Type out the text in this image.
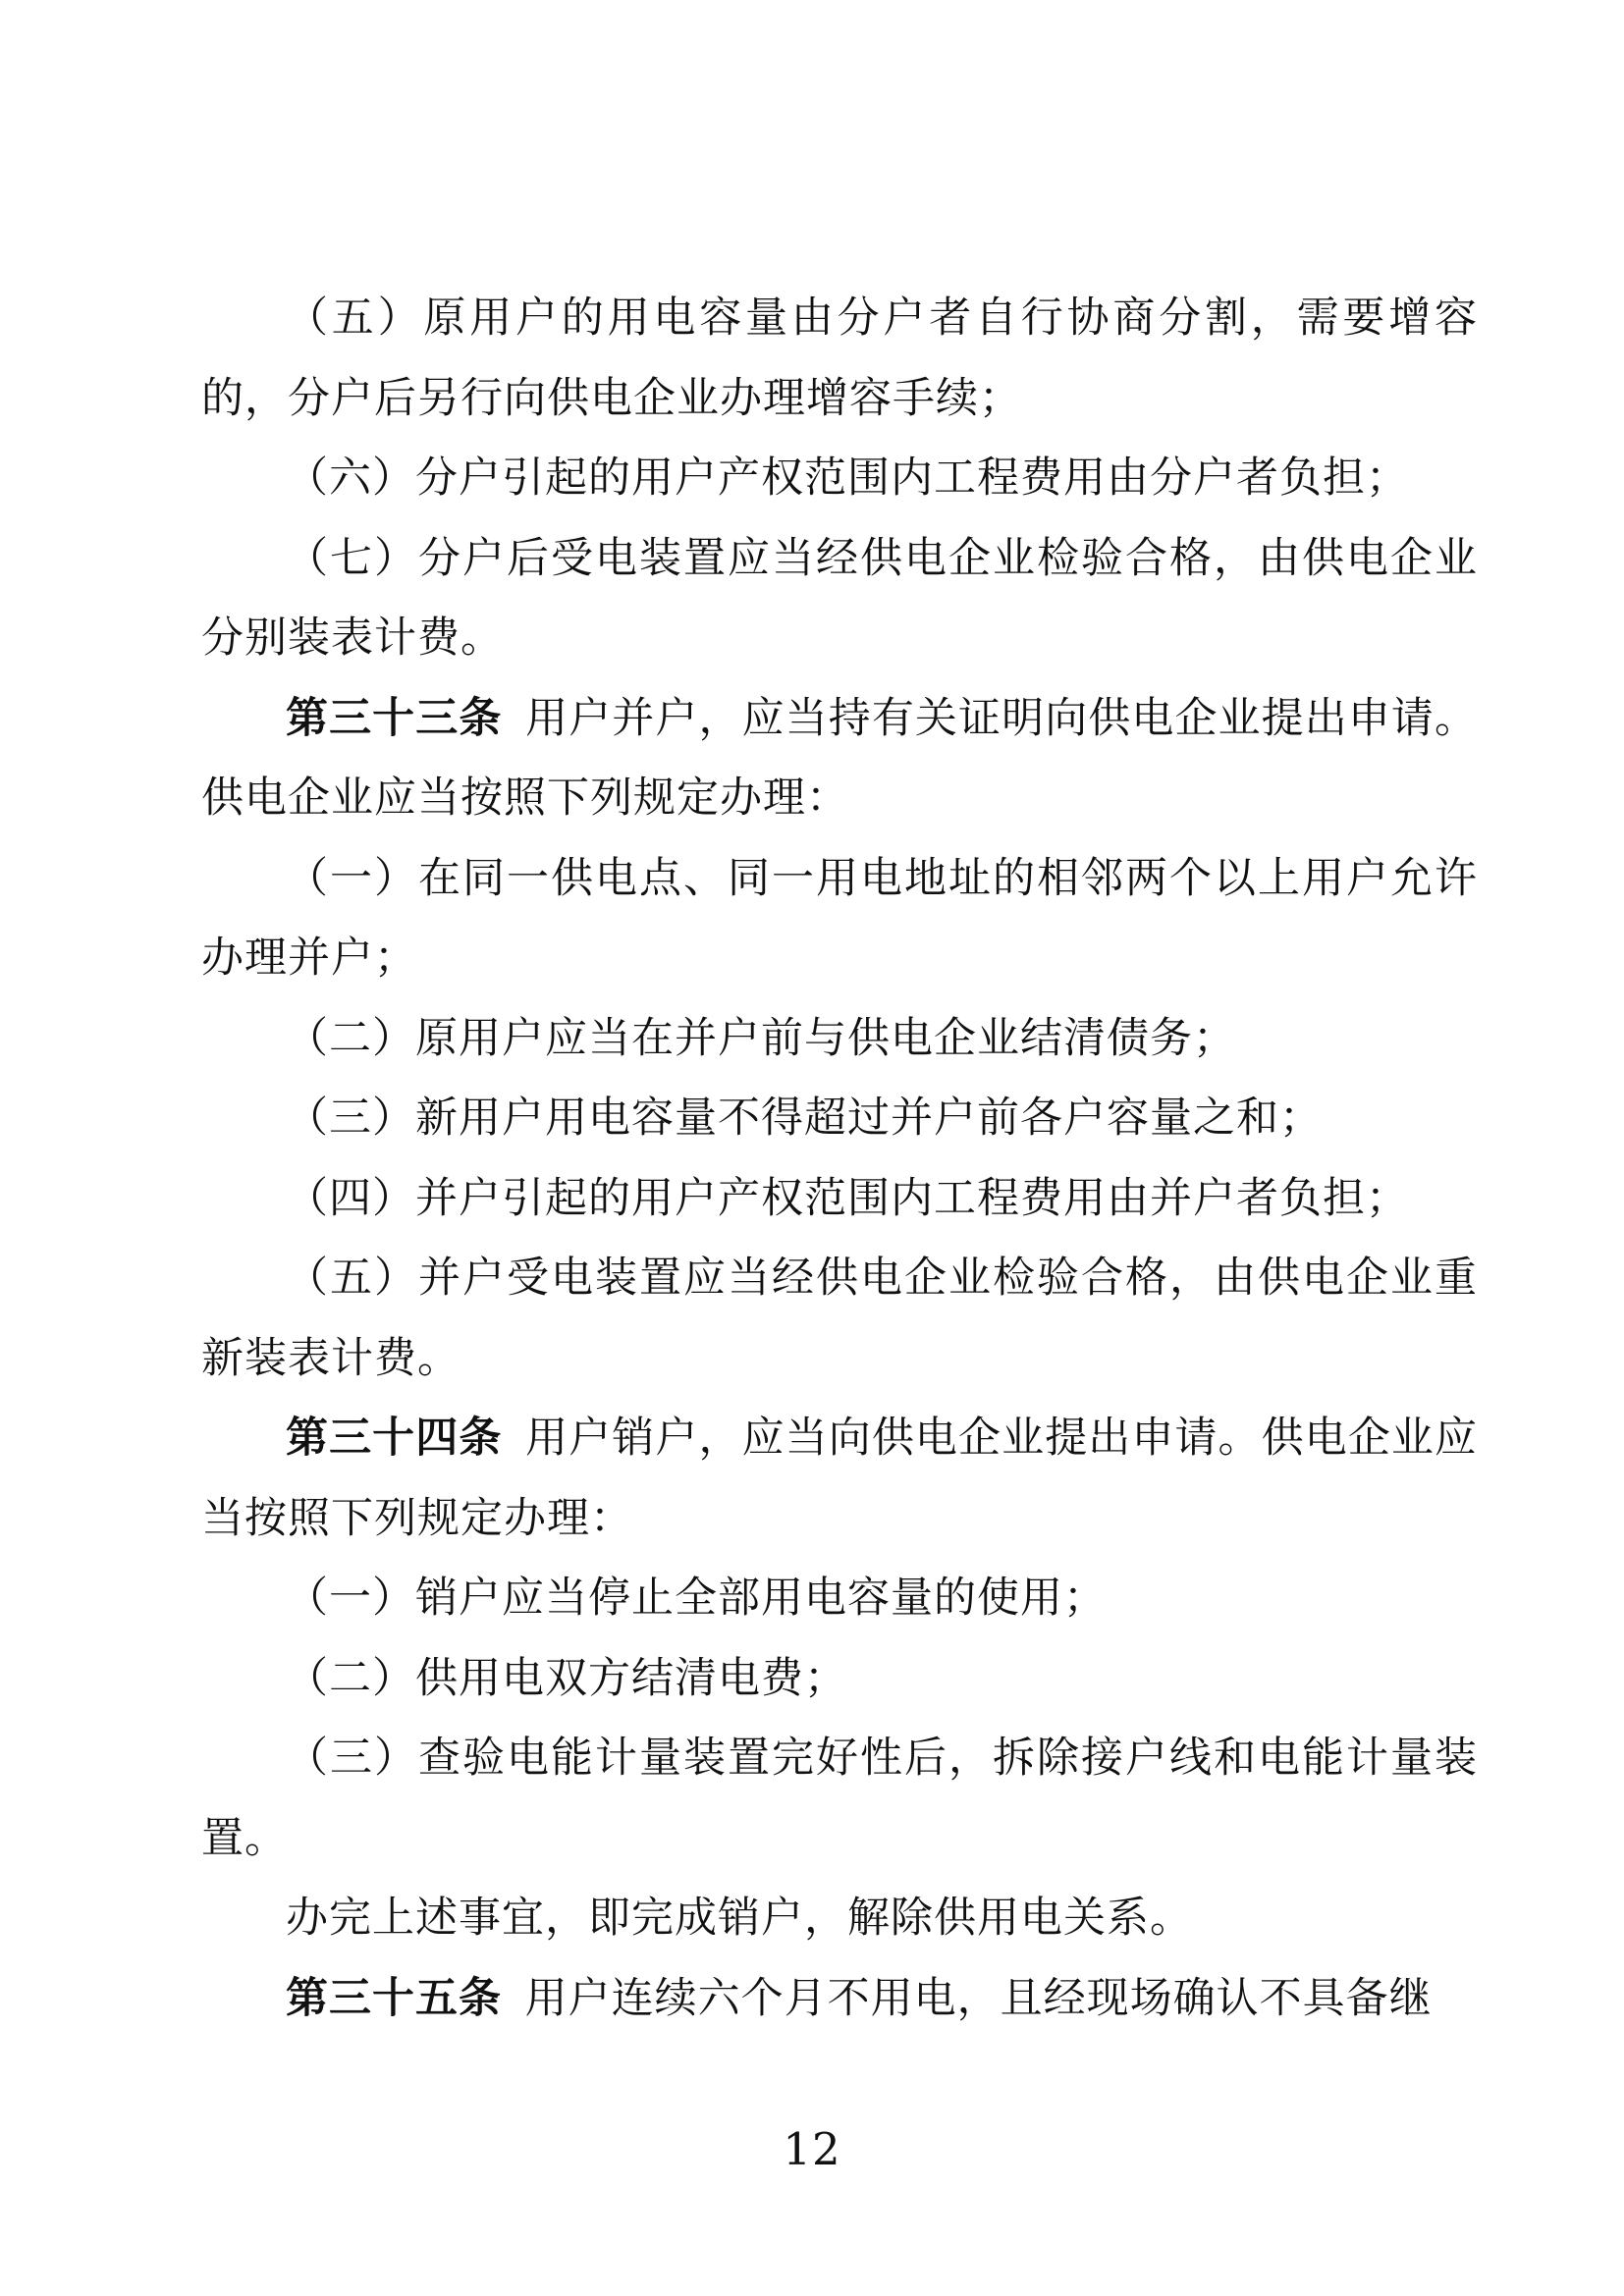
（五）原用户的用电容量由分户者自行协商分割，需要增容的，分户后另行向供电企业办理增容手续；

（六）分户引起的用户产权范围内工程费用由分户者负担；

（七）分户后受电装置应当经供电企业检验合格，由供电企业分别装表计费。

第三十三条 用户并户，应当持有关证明向供电企业提出申请。供电企业应当按照下列规定办理：

（一）在同一供电点、同一用电地址的相邻两个以上用户允许办理并户；

（二）原用户应当在并户前与供电企业结清债务；

（三）新用户用电容量不得超过并户前各户容量之和；

（四）并户引起的用户产权范围内工程费用由并户者负担；

（五）并户受电装置应当经供电企业检验合格，由供电企业重新装表计费。

第三十四条 用户销户，应当向供电企业提出申请。供电企业应当按照下列规定办理：

（一）销户应当停止全部用电容量的使用；

（二）供用电双方结清电费；

（三）查验电能计量装置完好性后，拆除接户线和电能计量装置。

办完上述事宜，即完成销户，解除供用电关系。

第三十五条 用户连续六个月不用电，且经现场确认不具备继

12
